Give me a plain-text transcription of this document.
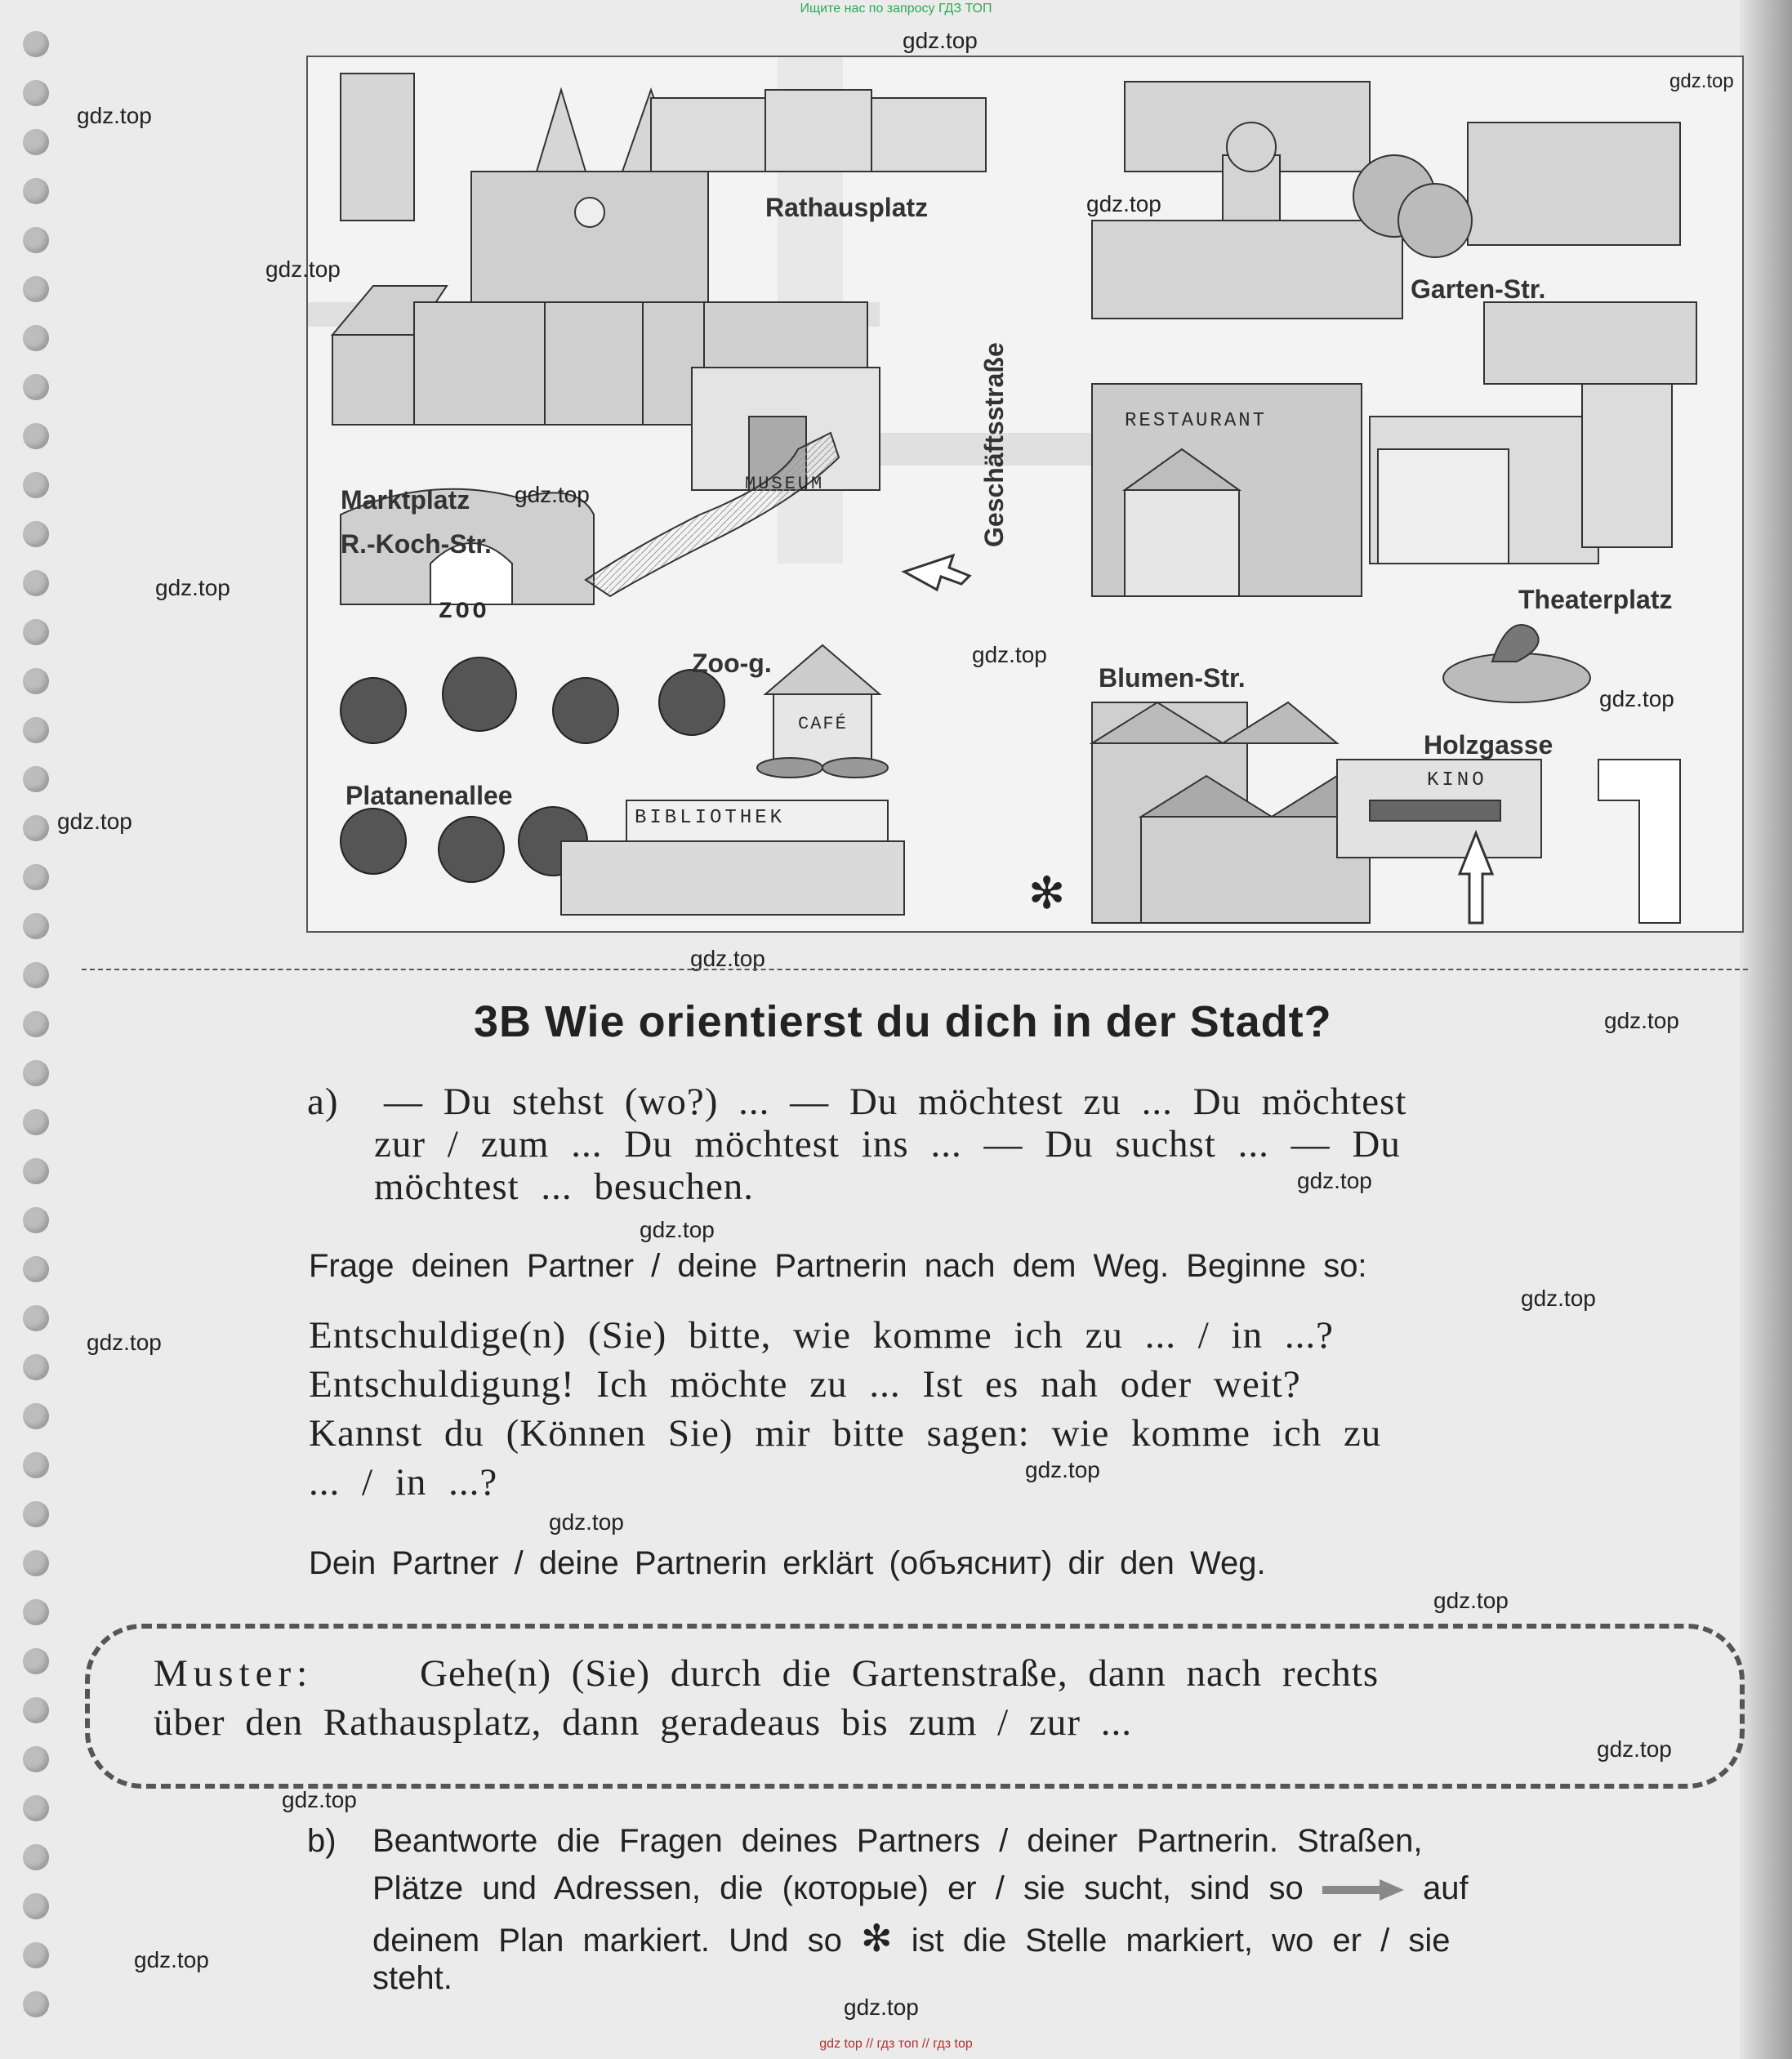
Ищите нас по запросу ГДЗ ТОП
Rathausplatz
Garten-Str.
Geschäftsstraße
Marktplatz
R.-Koch-Str.
Zoo-g.
Platanenallee
Blumen-Str.
Theaterplatz
Holzgasse
RESTAURANT
MUSEUM
ZOO
CAFÉ
BIBLIOTHEK
KINO
✻
gdz.top
gdz.top
gdz.top
gdz.top
gdz.top
gdz.top
gdz.top
gdz.top
gdz.top
gdz.top
gdz.top
gdz.top
gdz.top
gdz.top
gdz.top
gdz.top
gdz.top
gdz.top
gdz.top
gdz.top
gdz.top
gdz.top
gdz.top
3B Wie orientierst du dich in der Stadt?
a) — Du stehst (wo?) ... — Du möchtest zu ... Du möchtest
zur / zum ... Du möchtest ins ... — Du suchst ... — Du
möchtest ... besuchen.
Frage deinen Partner / deine Partnerin nach dem Weg. Beginne so:
Entschuldige(n) (Sie) bitte, wie komme ich zu ... / in ...?
Entschuldigung! Ich möchte zu ... Ist es nah oder weit?
Kannst du (Können Sie) mir bitte sagen: wie komme ich zu
... / in ...?
Dein Partner / deine Partnerin erklärt (объяснит) dir den Weg.
Muster:	Gehe(n) (Sie) durch die Gartenstraße, dann nach rechts
über den Rathausplatz, dann geradeaus bis zum / zur ...
b) Beantworte die Fragen deines Partners / deiner Partnerin. Straßen,
Plätze und Adressen, die (которые) er / sie sucht, sind so	auf
deinem Plan markiert. Und so ✻ ist die Stelle markiert, wo er / sie
steht.
gdz top // гдз топ // гдз top
